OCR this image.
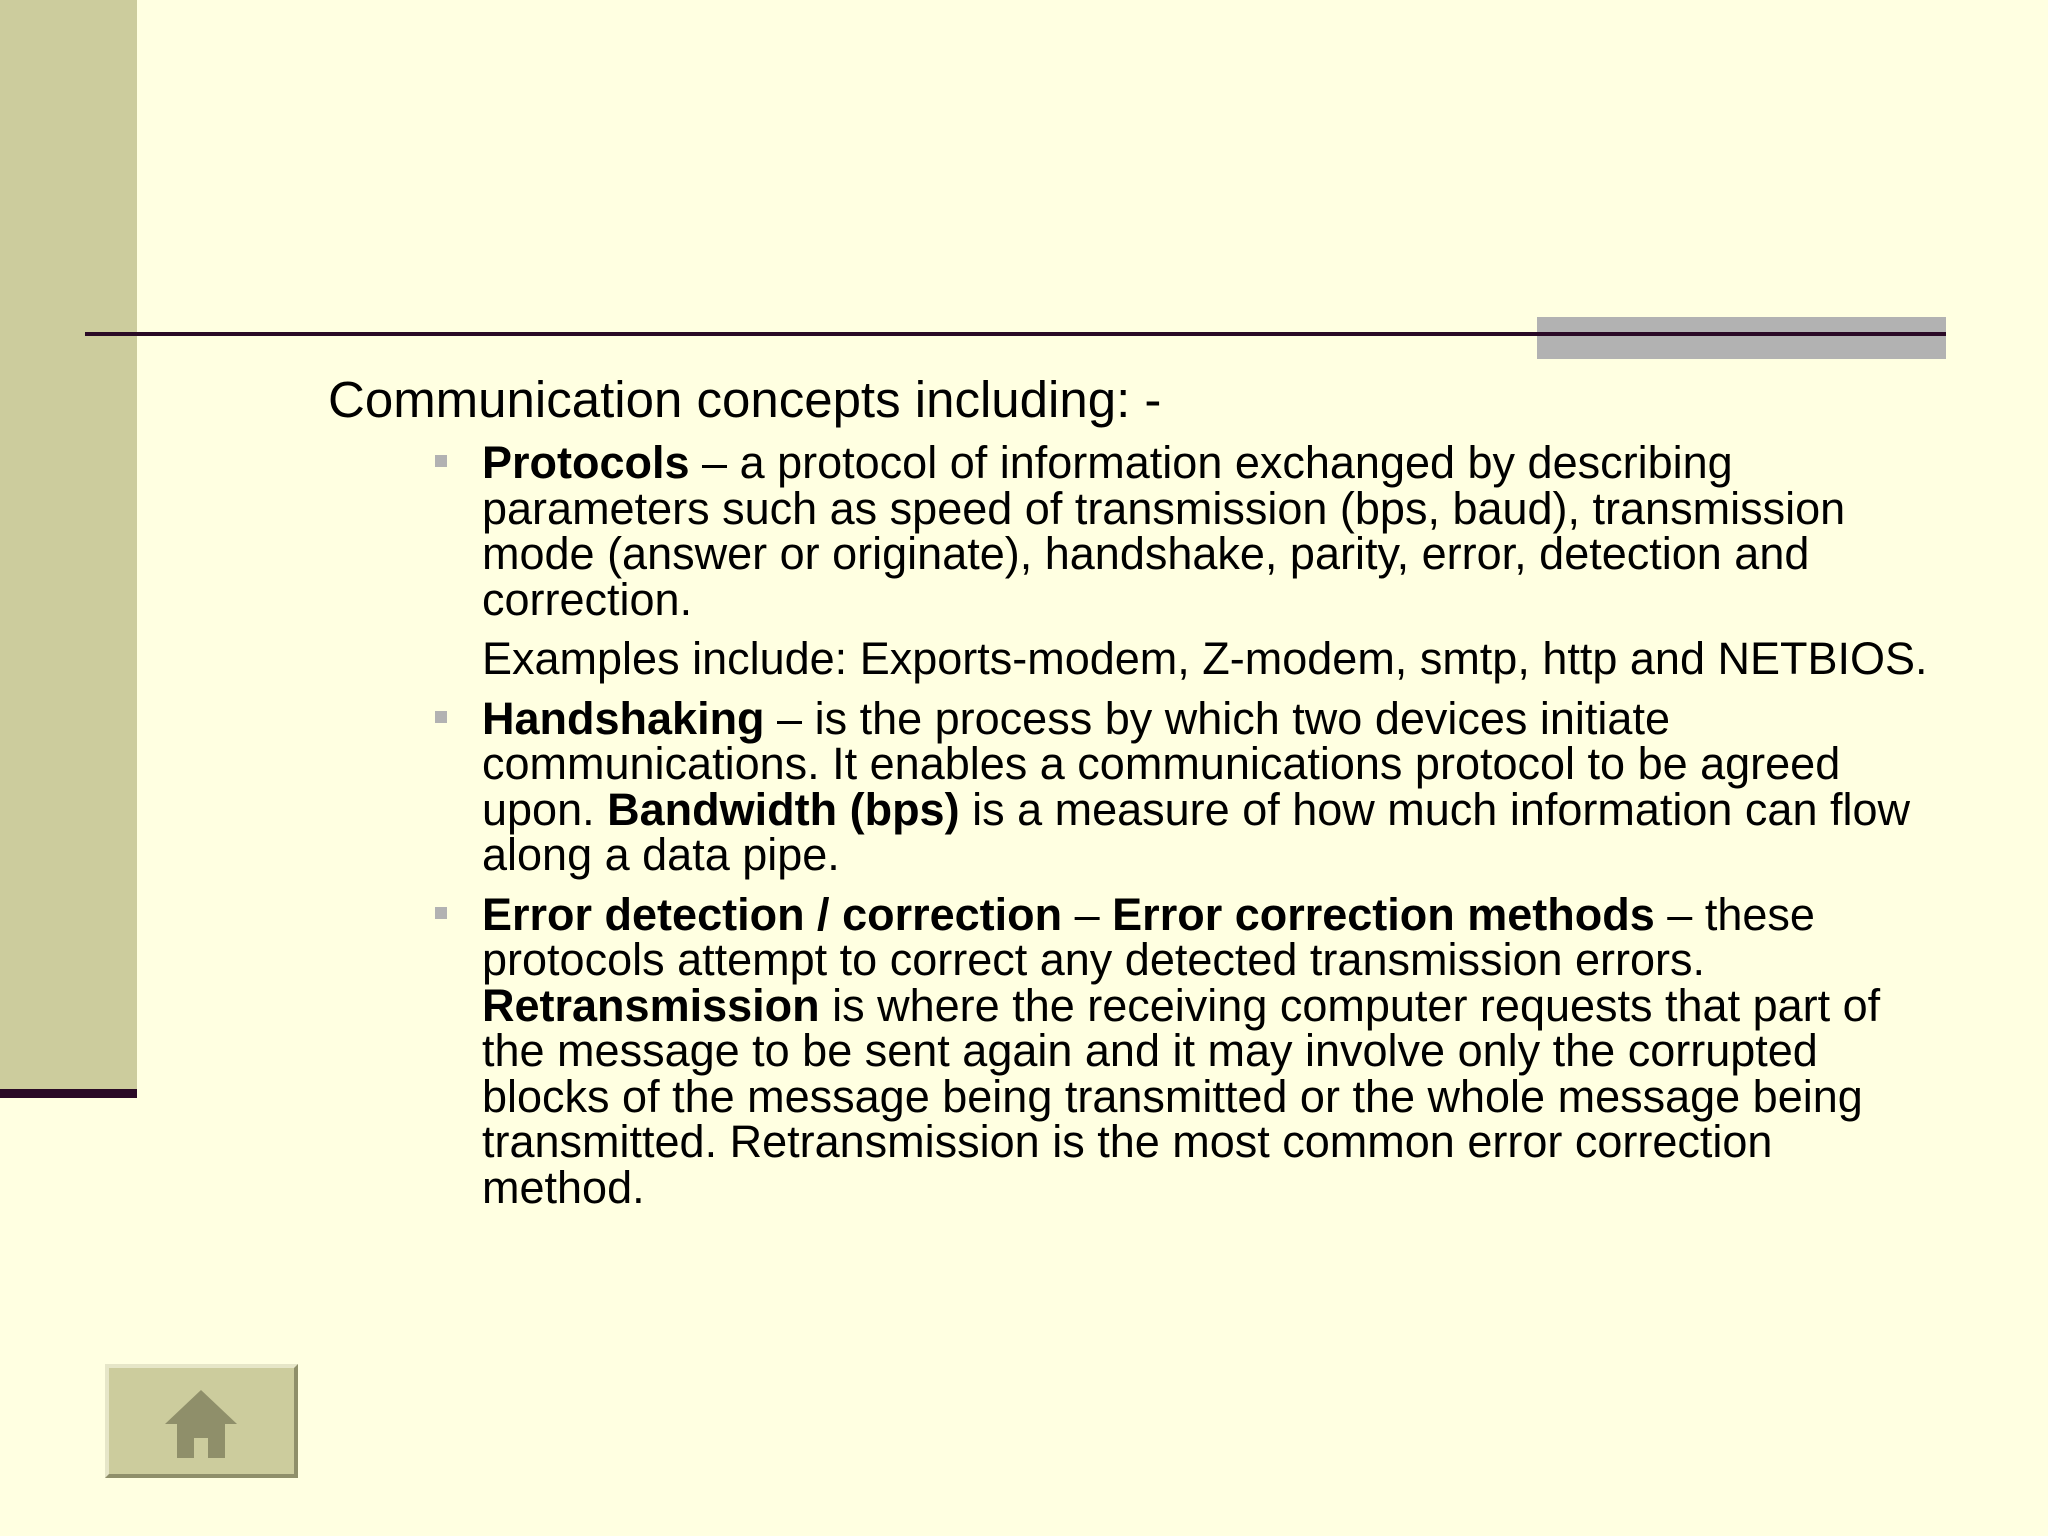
Communication concepts including: -

Protocols – a protocol of information exchanged by describing parameters such as speed of transmission (bps, baud), transmission mode (answer or originate), handshake, parity, error, detection and correction.

Examples include: Exports-modem, Z-modem, smtp, http and NETBIOS.

Handshaking – is the process by which two devices initiate communications. It enables a communications protocol to be agreed upon. Bandwidth (bps) is a measure of how much information can flow along a data pipe.

Error detection / correction – Error correction methods – these protocols attempt to correct any detected transmission errors. Retransmission is where the receiving computer requests that part of the message to be sent again and it may involve only the corrupted blocks of the message being transmitted or the whole message being transmitted. Retransmission is the most common error correction method.
